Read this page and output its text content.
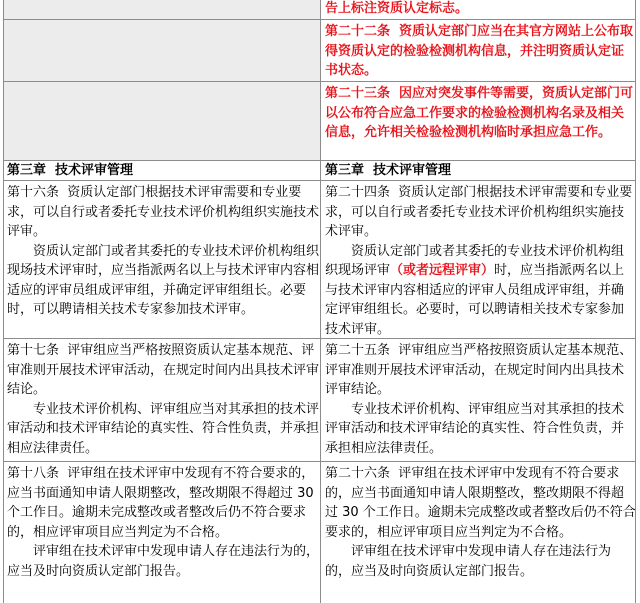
告上标注资质认定标志。

第二十二条  资质认定部门应当在其官方网站上公布取得资质认定的检验检测机构信息，并注明资质认定证书状态。

第二十三条  因应对突发事件等需要，资质认定部门可以公布符合应急工作要求的检验检测机构名录及相关信息，允许相关检验检测机构临时承担应急工作。

第三章  技术评审管理	第三章  技术评审管理

第十六条  资质认定部门根据技术评审需要和专业要求，可以自行或者委托专业技术评价机构组织实施技术评审。

资质认定部门或者其委托的专业技术评价机构组织现场技术评审时，应当指派两名以上与技术评审内容相适应的评审员组成评审组，并确定评审组组长。必要时，可以聘请相关技术专家参加技术评审。

第二十四条  资质认定部门根据技术评审需要和专业要求，可以自行或者委托专业技术评价机构组织实施技术评审。

资质认定部门或者其委托的专业技术评价机构组织现场评审（或者远程评审）时，应当指派两名以上与技术评审内容相适应的评审人员组成评审组，并确定评审组组长。必要时，可以聘请相关技术专家参加技术评审。

第十七条  评审组应当严格按照资质认定基本规范、评审准则开展技术评审活动，在规定时间内出具技术评审结论。

专业技术评价机构、评审组应当对其承担的技术评审活动和技术评审结论的真实性、符合性负责，并承担相应法律责任。

第二十五条  评审组应当严格按照资质认定基本规范、评审准则开展技术评审活动，在规定时间内出具技术评审结论。

专业技术评价机构、评审组应当对其承担的技术评审活动和技术评审结论的真实性、符合性负责，并承担相应法律责任。

第十八条  评审组在技术评审中发现有不符合要求的，应当书面通知申请人限期整改，整改期限不得超过 30 个工作日。逾期未完成整改或者整改后仍不符合要求的，相应评审项目应当判定为不合格。

评审组在技术评审中发现申请人存在违法行为的，应当及时向资质认定部门报告。

第二十六条  评审组在技术评审中发现有不符合要求的，应当书面通知申请人限期整改，整改期限不得超过 30 个工作日。逾期未完成整改或者整改后仍不符合要求的，相应评审项目应当判定为不合格。

评审组在技术评审中发现申请人存在违法行为的，应当及时向资质认定部门报告。
